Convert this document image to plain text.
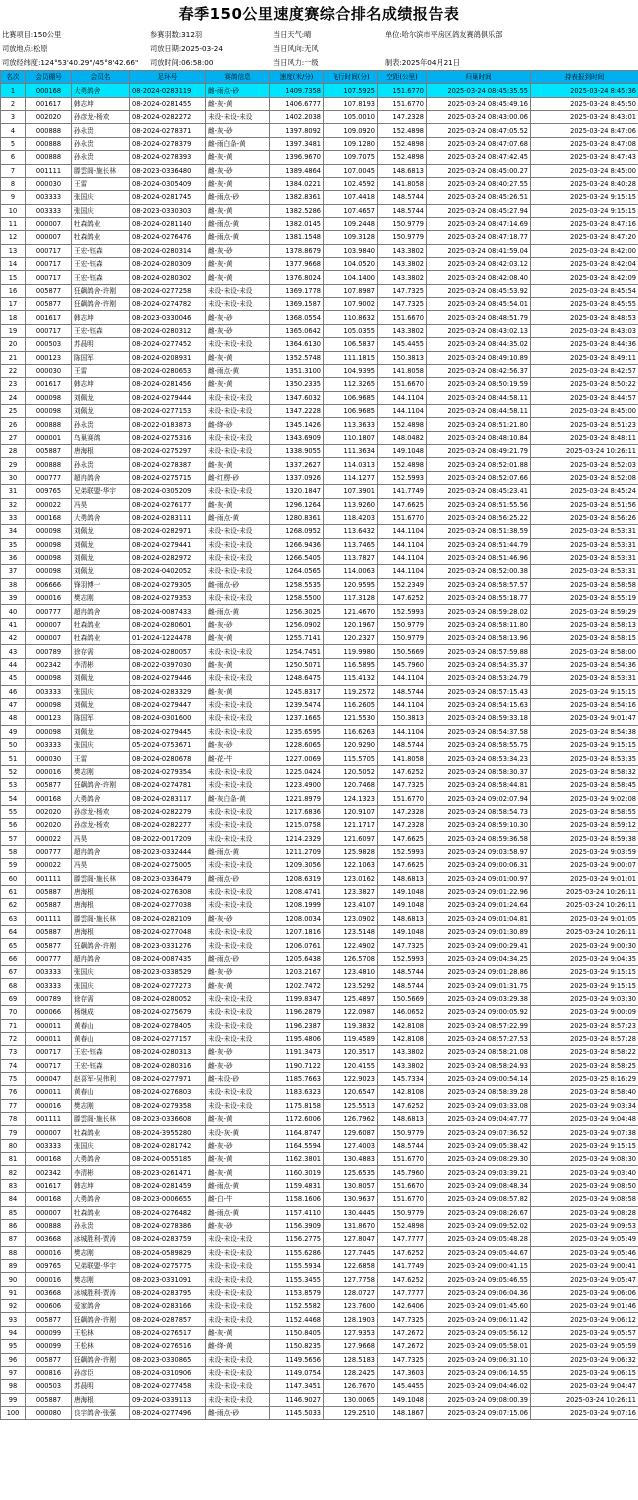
春季150公里速度赛综合排名成绩报告表
比赛项目:150公里	参赛羽数:312羽	当日天气:晴	单位:哈尔滨市平房区鸽友赛鸽俱乐部
司放地点:松原	司放日期:2025-03-24	当日风向:无风
司放经纬度:124°53'40.29"/45°8'42.66" 司放时间:06:58:00	当日风力:一级	制表:2025年04月21日
名次	会员棚号	会员名	足环号	赛鸽信息	速度(米/分)	飞行时间(分)	空距(公里)	归巢时间	持表报到时间
1	000168	大勇鸽舍	08-2024-0283119	雌-雨点-砂	1409.7358	107.5925	151.6770	2025-03-24 08:45:35.55	2025-03-24 8:45:36
2	001617	韩志坤	08-2024-0281455	雌-灰-黄	1406.6777	107.8193	151.6770	2025-03-24 08:45:49.16	2025-03-24 8:45:50
3	002020	孙彦龙-杨欢	08-2024-0282272	未设-未设-未设	1402.2038	105.0010	147.2328	2025-03-24 08:43:00.06	2025-03-24 8:43:01
4	000888	孙永贵	08-2024-0278371	雌-灰-砂	1397.8092	109.0920	152.4898	2025-03-24 08:47:05.52	2025-03-24 8:47:06
5	000888	孙永贵	08-2024-0278379	雌-雨白条-黄	1397.3481	109.1280	152.4898	2025-03-24 08:47:07.68	2025-03-24 8:47:08
6	000888	孙永贵	08-2024-0278393	雌-灰-黄	1396.9670	109.7075	152.4898	2025-03-24 08:47:42.45	2025-03-24 8:47:43
7	001111	滕雲阁-施长林	08-2023-0336480	雌-灰-砂	1389.4864	107.0045	148.6813	2025-03-24 08:45:00.27	2025-03-24 8:45:00
8	000030	王雷	08-2024-0305409	雌-灰-黄	1384.0221	102.4592	141.8058	2025-03-24 08:40:27.55	2025-03-24 8:40:28
9	003333	张国庆	08-2024-0281745	雌-雨点-砂	1382.8361	107.4418	148.5744	2025-03-24 08:45:26.51	2025-03-24 9:15:15
10	003333	张国庆	08-2023-0330303	雌-灰-黄	1382.5286	107.4657	148.5744	2025-03-24 08:45:27.94	2025-03-24 9:15:15
11	000007	牡森鸽业	08-2024-0281140	雌-雨点-黄	1382.0145	109.2448	150.9779	2025-03-24 08:47:14.69	2025-03-24 8:47:16
12	000007	牡森鸽业	08-2024-0276476	雌-雨点-黄	1381.1548	109.3128	150.9779	2025-03-24 08:47:18.77	2025-03-24 8:47:20
13	000717	王宏-钰森	08-2024-0280314	雌-灰-砂	1378.8679	103.9840	143.3802	2025-03-24 08:41:59.04	2025-03-24 8:42:00
14	000717	王宏-钰森	08-2024-0280309	雌-灰-黄	1377.9668	104.0520	143.3802	2025-03-24 08:42:03.12	2025-03-24 8:42:04
15	000717	王宏-钰森	08-2024-0280302	雌-灰-黄	1376.8024	104.1400	143.3802	2025-03-24 08:42:08.40	2025-03-24 8:42:09
16	005877	狂飙鸽舍-许刚	08-2024-0277258	未设-未设-未设	1369.1778	107.8987	147.7325	2025-03-24 08:45:53.92	2025-03-24 8:45:54
17	005877	狂飙鸽舍-许刚	08-2024-0274782	未设-未设-未设	1369.1587	107.9002	147.7325	2025-03-24 08:45:54.01	2025-03-24 8:45:55
18	001617	韩志坤	08-2023-0330046	雌-灰-砂	1368.0554	110.8632	151.6670	2025-03-24 08:48:51.79	2025-03-24 8:48:53
19	000717	王宏-钰森	08-2024-0280312	雌-灰-砂	1365.0642	105.0355	143.3802	2025-03-24 08:43:02.13	2025-03-24 8:43:03
20	000503	苏晨明	08-2024-0277452	未设-未设-未设	1364.6130	106.5837	145.4455	2025-03-24 08:44:35.02	2025-03-24 8:44:36
21	000123	陈国军	08-2024-0208931	雌-灰-黄	1352.5748	111.1815	150.3813	2025-03-24 08:49:10.89	2025-03-24 8:49:11
22	000030	王雷	08-2024-0280653	雌-雨点-黄	1351.3100	104.9395	141.8058	2025-03-24 08:42:56.37	2025-03-24 8:42:57
23	001617	韩志坤	08-2024-0281456	雌-灰-黄	1350.2335	112.3265	151.6670	2025-03-24 08:50:19.59	2025-03-24 8:50:22
24	000098	刘佩龙	08-2024-0279444	未设-未设-未设	1347.6032	106.9685	144.1104	2025-03-24 08:44:58.11	2025-03-24 8:44:57
25	000098	刘佩龙	08-2024-0277153	未设-未设-未设	1347.2228	106.9685	144.1104	2025-03-24 08:44:58.11	2025-03-24 8:45:00
26	000888	孙永贵	08-2022-0183873	雌-绛-砂	1345.1426	113.3633	152.4898	2025-03-24 08:51:21.80	2025-03-24 8:51:23
27	000001	鸟巢赛鸽	08-2024-0275316	未设-未设-未设	1343.6909	110.1807	148.0482	2025-03-24 08:48:10.84	2025-03-24 8:48:11
28	005887	唐海根	08-2024-0275297	未设-未设-未设	1338.9055	111.3634	149.1048	2025-03-24 08:49:21.79	2025-03-24 10:26:11
29	000888	孙永贵	08-2024-0278387	雌-灰-黄	1337.2627	114.0313	152.4898	2025-03-24 08:52:01.88	2025-03-24 8:52:03
30	000777	超冉鸽舍	08-2024-0275715	雌-红楞-砂	1337.0926	114.1277	152.5993	2025-03-24 08:52:07.66	2025-03-24 8:52:08
31	009765	兄弟联盟-华宇	08-2024-0305209	未设-未设-未设	1320.1847	107.3901	141.7749	2025-03-24 08:45:23.41	2025-03-24 8:45:24
32	000022	冯昊	08-2024-0276177	雌-灰-黄	1296.1264	113.9260	147.6625	2025-03-24 08:51:55.56	2025-03-24 8:51:56
33	000168	大勇鸽舍	08-2024-0283111	雌-雨点-黄	1280.8361	118.4203	151.6770	2025-03-24 08:56:25.22	2025-03-24 8:56:26
34	000098	刘佩龙	08-2024-0282971	未设-未设-未设	1268.0952	113.6432	144.1104	2025-03-24 08:51:38.59	2025-03-24 8:53:31
35	000098	刘佩龙	08-2024-0279441	未设-未设-未设	1266.9436	113.7465	144.1104	2025-03-24 08:51:44.79	2025-03-24 8:53:31
36	000098	刘佩龙	08-2024-0282972	未设-未设-未设	1266.5405	113.7827	144.1104	2025-03-24 08:51:46.96	2025-03-24 8:53:31
37	000098	刘佩龙	08-2024-0402052	未设-未设-未设	1264.0565	114.0063	144.1104	2025-03-24 08:52:00.38	2025-03-24 8:53:31
38	006666	锋羽博一	08-2024-0279305	雌-雨点-砂	1258.5535	120.9595	152.2349	2025-03-24 08:58:57.57	2025-03-24 8:58:58
39	000016	樊志刚	08-2024-0279353	未设-未设-未设	1258.5500	117.3128	147.6252	2025-03-24 08:55:18.77	2025-03-24 8:55:19
40	000777	超冉鸽舍	08-2024-0087433	雌-雨点-黄	1256.3025	121.4670	152.5993	2025-03-24 08:59:28.02	2025-03-24 8:59:29
41	000007	牡森鸽业	08-2024-0280601	雌-灰-砂	1256.0902	120.1967	150.9779	2025-03-24 08:58:11.80	2025-03-24 8:58:13
42	000007	牡森鸽业	01-2024-1224478	雌-灰-黄	1255.7141	120.2327	150.9779	2025-03-24 08:58:13.96	2025-03-24 8:58:15
43	000789	徐存需	08-2024-0280057	未设-未设-未设	1254.7451	119.9980	150.5669	2025-03-24 08:57:59.88	2025-03-24 8:58:00
44	002342	李清彬	08-2022-0397030	雌-灰-黄	1250.5071	116.5895	145.7960	2025-03-24 08:54:35.37	2025-03-24 8:54:36
45	000098	刘佩龙	08-2024-0279446	未设-未设-未设	1248.6475	115.4132	144.1104	2025-03-24 08:53:24.79	2025-03-24 8:53:31
46	003333	张国庆	08-2024-0283329	雌-灰-黄	1245.8317	119.2572	148.5744	2025-03-24 08:57:15.43	2025-03-24 9:15:15
47	000098	刘佩龙	08-2024-0279447	未设-未设-未设	1239.5474	116.2605	144.1104	2025-03-24 08:54:15.63	2025-03-24 8:54:16
48	000123	陈国军	08-2024-0301600	未设-未设-未设	1237.1665	121.5530	150.3813	2025-03-24 08:59:33.18	2025-03-24 9:01:47
49	000098	刘佩龙	08-2024-0279445	未设-未设-未设	1235.6595	116.6263	144.1104	2025-03-24 08:54:37.58	2025-03-24 8:54:38
50	003333	张国庆	05-2024-0753671	雌-灰-砂	1228.6065	120.9290	148.5744	2025-03-24 08:58:55.75	2025-03-24 9:15:15
51	000030	王雷	08-2024-0280678	雌-花-牛	1227.0069	115.5705	141.8058	2025-03-24 08:53:34.23	2025-03-24 8:53:35
52	000016	樊志刚	08-2024-0279354	未设-未设-未设	1225.0424	120.5052	147.6252	2025-03-24 08:58:30.37	2025-03-24 8:58:32
53	005877	狂飙鸽舍-许刚	08-2024-0274781	未设-未设-未设	1223.4900	120.7468	147.7325	2025-03-24 08:58:44.81	2025-03-24 8:58:45
54	000168	大勇鸽舍	08-2024-0283117	雌-灰白条-黄	1221.8979	124.1323	151.6770	2025-03-24 09:02:07.94	2025-03-24 9:02:08
55	002020	孙彦龙-杨欢	08-2024-0282279	未设-未设-未设	1217.6836	120.9107	147.2328	2025-03-24 08:58:54.73	2025-03-24 8:58:55
56	002020	孙彦龙-杨欢	08-2024-0282277	未设-未设-未设	1215.0758	121.1717	147.2328	2025-03-24 08:59:10.30	2025-03-24 8:59:12
57	000022	冯昊	08-2022-0017209	未设-未设-未设	1214.2329	121.6097	147.6625	2025-03-24 08:59:36.58	2025-03-24 8:59:38
58	000777	超冉鸽舍	08-2023-0332444	雌-雨点-黄	1211.2709	125.9828	152.5993	2025-03-24 09:03:58.97	2025-03-24 9:03:59
59	000022	冯昊	08-2024-0275005	未设-未设-未设	1209.3056	122.1063	147.6625	2025-03-24 09:00:06.31	2025-03-24 9:00:07
60	001111	滕雲阁-施长林	08-2023-0336479	雌-雨点-砂	1208.6319	123.0162	148.6813	2025-03-24 09:01:00.97	2025-03-24 9:01:01
61	005887	唐海根	08-2024-0276308	未设-未设-未设	1208.4741	123.3827	149.1048	2025-03-24 09:01:22.96	2025-03-24 10:26:11
62	005887	唐海根	08-2024-0277038	未设-未设-未设	1208.1999	123.4107	149.1048	2025-03-24 09:01:24.64	2025-03-24 10:26:11
63	001111	滕雲阁-施长林	08-2024-0282109	雌-灰-砂	1208.0034	123.0902	148.6813	2025-03-24 09:01:04.81	2025-03-24 9:01:05
64	005887	唐海根	08-2024-0277048	未设-未设-未设	1207.1816	123.5148	149.1048	2025-03-24 09:01:30.89	2025-03-24 10:26:11
65	005877	狂飙鸽舍-许刚	08-2023-0331276	未设-未设-未设	1206.0761	122.4902	147.7325	2025-03-24 09:00:29.41	2025-03-24 9:00:30
66	000777	超冉鸽舍	08-2024-0087435	雌-雨点-砂	1205.6438	126.5708	152.5993	2025-03-24 09:04:34.25	2025-03-24 9:04:35
67	003333	张国庆	08-2023-0338529	雌-灰-砂	1203.2167	123.4810	148.5744	2025-03-24 09:01:28.86	2025-03-24 9:15:15
68	003333	张国庆	08-2024-0277273	雌-灰-黄	1202.7472	123.5292	148.5744	2025-03-24 09:01:31.75	2025-03-24 9:15:15
69	000789	徐存需	08-2024-0280052	未设-未设-未设	1199.8347	125.4897	150.5669	2025-03-24 09:03:29.38	2025-03-24 9:03:30
70	000066	杨继成	08-2024-0275679	未设-未设-未设	1196.2879	122.0987	146.0652	2025-03-24 09:00:05.92	2025-03-24 9:00:09
71	000011	黄春山	08-2024-0278405	未设-未设-未设	1196.2387	119.3832	142.8108	2025-03-24 08:57:22.99	2025-03-24 8:57:23
72	000011	黄春山	08-2024-0277157	未设-未设-未设	1195.4806	119.4589	142.8108	2025-03-24 08:57:27.53	2025-03-24 8:57:28
73	000717	王宏-钰森	08-2024-0280313	雌-灰-砂	1191.3473	120.3517	143.3802	2025-03-24 08:58:21.08	2025-03-24 8:58:22
74	000717	王宏-钰森	08-2024-0280316	雌-灰-砂	1190.7122	120.4155	143.3802	2025-03-24 08:58:24.93	2025-03-24 8:58:25
75	000047	赵喜军-吴伟利	08-2024-0277971	雌-未设-砂	1185.7663	122.9023	145.7334	2025-03-24 09:00:54.14	2025-03-25 8:16:29
76	000011	黄春山	08-2024-0276803	未设-未设-未设	1183.6323	120.6547	142.8108	2025-03-24 08:58:39.28	2025-03-24 8:58:40
77	000016	樊志刚	08-2024-0279358	未设-未设-未设	1175.8158	125.5513	147.6252	2025-03-24 09:03:33.08	2025-03-24 9:03:34
78	001111	滕雲阁-施长林	08-2023-0336608	雌-灰-黄	1172.6006	126.7962	148.6813	2025-03-24 09:04:47.77	2025-03-24 9:04:48
79	000007	牡森鸽业	08-2024-3955280	未设-灰-黄	1164.8747	129.6087	150.9779	2025-03-24 09:07:36.52	2025-03-24 9:07:38
80	003333	张国庆	08-2024-0281742	雌-灰-砂	1164.5594	127.4003	148.5744	2025-03-24 09:05:38.42	2025-03-24 9:15:15
81	000168	大勇鸽舍	08-2024-0055185	雌-灰-黄	1162.3801	130.4883	151.6770	2025-03-24 09:08:29.30	2025-03-24 9:08:30
82	002342	李清彬	08-2023-0261471	雌-灰-黄	1160.3019	125.6535	145.7960	2025-03-24 09:03:39.21	2025-03-24 9:03:40
83	001617	韩志坤	08-2024-0281459	雌-雨点-黄	1159.4831	130.8057	151.6670	2025-03-24 09:08:48.34	2025-03-24 9:08:50
84	000168	大勇鸽舍	08-2023-0006655	雌-白-牛	1158.1606	130.9637	151.6770	2025-03-24 09:08:57.82	2025-03-24 9:08:58
85	000007	牡森鸽业	08-2024-0276482	雌-雨点-黄	1157.4110	130.4445	150.9779	2025-03-24 09:08:26.67	2025-03-24 9:08:28
86	000888	孙永贵	08-2024-0278386	雌-灰-砂	1156.3909	131.8670	152.4898	2025-03-24 09:09:52.02	2025-03-24 9:09:53
87	003668	冰城胜利-贾涛	08-2024-0283759	未设-未设-未设	1156.2775	127.8047	147.7777	2025-03-24 09:05:48.28	2025-03-24 9:05:49
88	000016	樊志刚	08-2024-0589829	未设-未设-未设	1155.6286	127.7445	147.6252	2025-03-24 09:05:44.67	2025-03-24 9:05:46
89	009765	兄弟联盟-华宇	08-2024-0275775	未设-未设-未设	1155.5934	122.6858	141.7749	2025-03-24 09:00:41.15	2025-03-24 9:00:41
90	000016	樊志刚	08-2023-0331091	未设-未设-未设	1155.3455	127.7758	147.6252	2025-03-24 09:05:46.55	2025-03-24 9:05:47
91	003668	冰城胜利-贾涛	08-2024-0283795	未设-未设-未设	1153.8579	128.0727	147.7777	2025-03-24 09:06:04.36	2025-03-24 9:06:06
92	000606	爱家鸽舍	08-2024-0283166	未设-未设-未设	1152.5582	123.7600	142.6406	2025-03-24 09:01:45.60	2025-03-24 9:01:46
93	005877	狂飙鸽舍-许刚	08-2024-0287857	未设-未设-未设	1152.4468	128.1903	147.7325	2025-03-24 09:06:11.42	2025-03-24 9:06:12
94	000099	王松林	08-2024-0276517	雌-灰-黄	1150.8405	127.9353	147.2672	2025-03-24 09:05:56.12	2025-03-24 9:05:57
95	000099	王松林	08-2024-0276516	雌-绛-黄	1150.8235	127.9668	147.2672	2025-03-24 09:05:58.01	2025-03-24 9:05:59
96	005877	狂飙鸽舍-许刚	08-2023-0330865	未设-未设-未设	1149.5656	128.5183	147.7325	2025-03-24 09:06:31.10	2025-03-24 9:06:32
97	000816	孙彦臣	08-2024-0310906	未设-未设-未设	1149.0754	128.2425	147.3603	2025-03-24 09:06:14.55	2025-03-24 9:06:15
98	000503	苏晨明	08-2024-0277458	未设-未设-未设	1147.3451	126.7670	145.4455	2025-03-24 09:04:46.02	2025-03-24 9:04:47
99	005887	唐海根	09-2024-0339113	未设-未设-未设	1146.9027	130.0065	149.1048	2025-03-24 09:08:00.39	2025-03-24 10:26:11
100	000080	良宇鸽舍-张强	08-2024-0277496	雌-雨点-砂	1145.5033	129.2510	148.1867	2025-03-24 09:07:15.06	2025-03-24 9:07:16
